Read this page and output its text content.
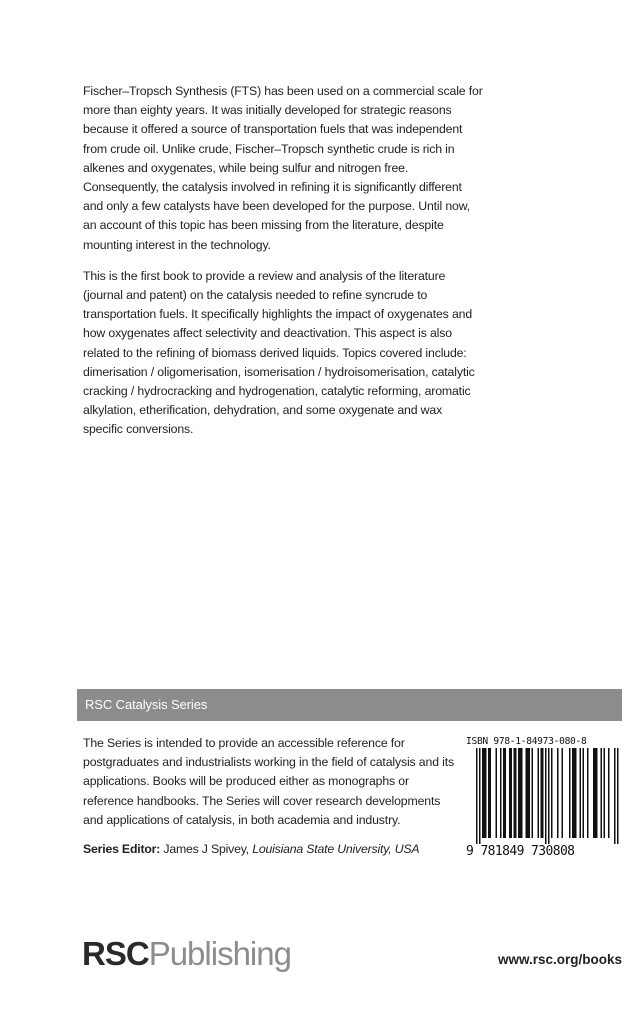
Fischer–Tropsch Synthesis (FTS) has been used on a commercial scale for more than eighty years. It was initially developed for strategic reasons because it offered a source of transportation fuels that was independent from crude oil. Unlike crude, Fischer–Tropsch synthetic crude is rich in alkenes and oxygenates, while being sulfur and nitrogen free. Consequently, the catalysis involved in refining it is significantly different and only a few catalysts have been developed for the purpose. Until now, an account of this topic has been missing from the literature, despite mounting interest in the technology.

This is the first book to provide a review and analysis of the literature (journal and patent) on the catalysis needed to refine syncrude to transportation fuels. It specifically highlights the impact of oxygenates and how oxygenates affect selectivity and deactivation. This aspect is also related to the refining of biomass derived liquids. Topics covered include: dimerisation / oligomerisation, isomerisation / hydroisomerisation, catalytic cracking / hydrocracking and hydrogenation, catalytic reforming, aromatic alkylation, etherification, dehydration, and some oxygenate and wax specific conversions.

RSC Catalysis Series

The Series is intended to provide an accessible reference for postgraduates and industrialists working in the field of catalysis and its applications. Books will be produced either as monographs or reference handbooks. The Series will cover research developments and applications of catalysis, in both academia and industry.

Series Editor: James J Spivey, Louisiana State University, USA
ISBN 978-1-84973-080-8
9 781849 730808
RSCPublishing	www.rsc.org/books
